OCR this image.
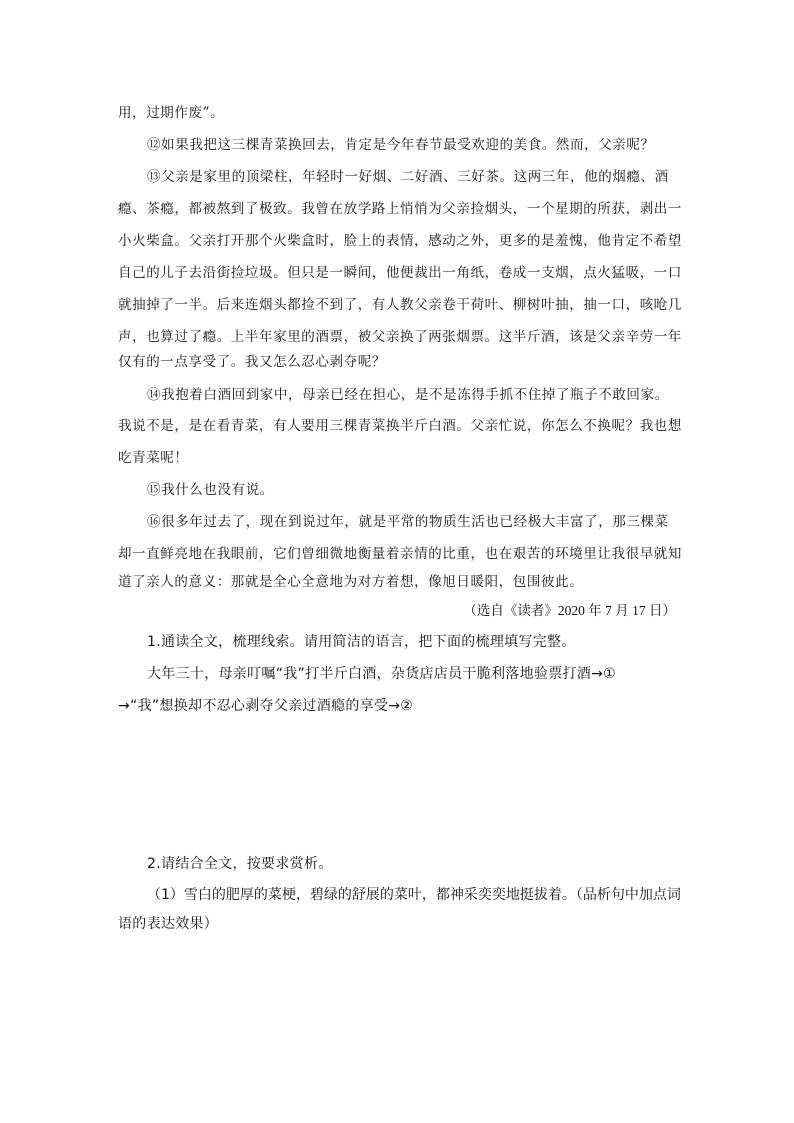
用，过期作废”。
⑫如果我把这三棵青菜换回去，肯定是今年春节最受欢迎的美食。然而，父亲呢？
⑬父亲是家里的顶梁柱，年轻时一好烟、二好酒、三好茶。这两三年，他的烟瘾、酒
瘾、茶瘾，都被熬到了极致。我曾在放学路上悄悄为父亲捡烟头，一个星期的所获，剥出一
小火柴盒。父亲打开那个火柴盒时，脸上的表情，感动之外，更多的是羞愧，他肯定不希望
自己的儿子去沿街捡垃圾。但只是一瞬间，他便裁出一角纸，卷成一支烟，点火猛吸，一口
就抽掉了一半。后来连烟头都捡不到了，有人教父亲卷干荷叶、柳树叶抽，抽一口，咳呛几
声，也算过了瘾。上半年家里的酒票，被父亲换了两张烟票。这半斤酒，该是父亲辛劳一年
仅有的一点享受了。我又怎么忍心剥夺呢？
⑭我抱着白酒回到家中，母亲已经在担心，是不是冻得手抓不住掉了瓶子不敢回家。
我说不是，是在看青菜，有人要用三棵青菜换半斤白酒。父亲忙说，你怎么不换呢？我也想
吃青菜呢！
⑮我什么也没有说。
⑯很多年过去了，现在到说过年，就是平常的物质生活也已经极大丰富了，那三棵菜
却一直鲜亮地在我眼前，它们曾细微地衡量着亲情的比重，也在艰苦的环境里让我很早就知
道了亲人的意义：那就是全心全意地为对方着想，像旭日暖阳，包围彼此。
（选自《读者》2020 年 7 月 17 日）
1.通读全文，梳理线索。请用简洁的语言，把下面的梳理填写完整。
大年三十，母亲叮嘱“我”打半斤白酒，杂货店店员干脆利落地验票打酒→①
→“我”想换却不忍心剥夺父亲过酒瘾的享受→②
2.请结合全文，按要求赏析。
（1）雪白的肥厚的菜梗，碧绿的舒展的菜叶，都神采奕奕地挺拔着。（品析句中加点词
语的表达效果）
